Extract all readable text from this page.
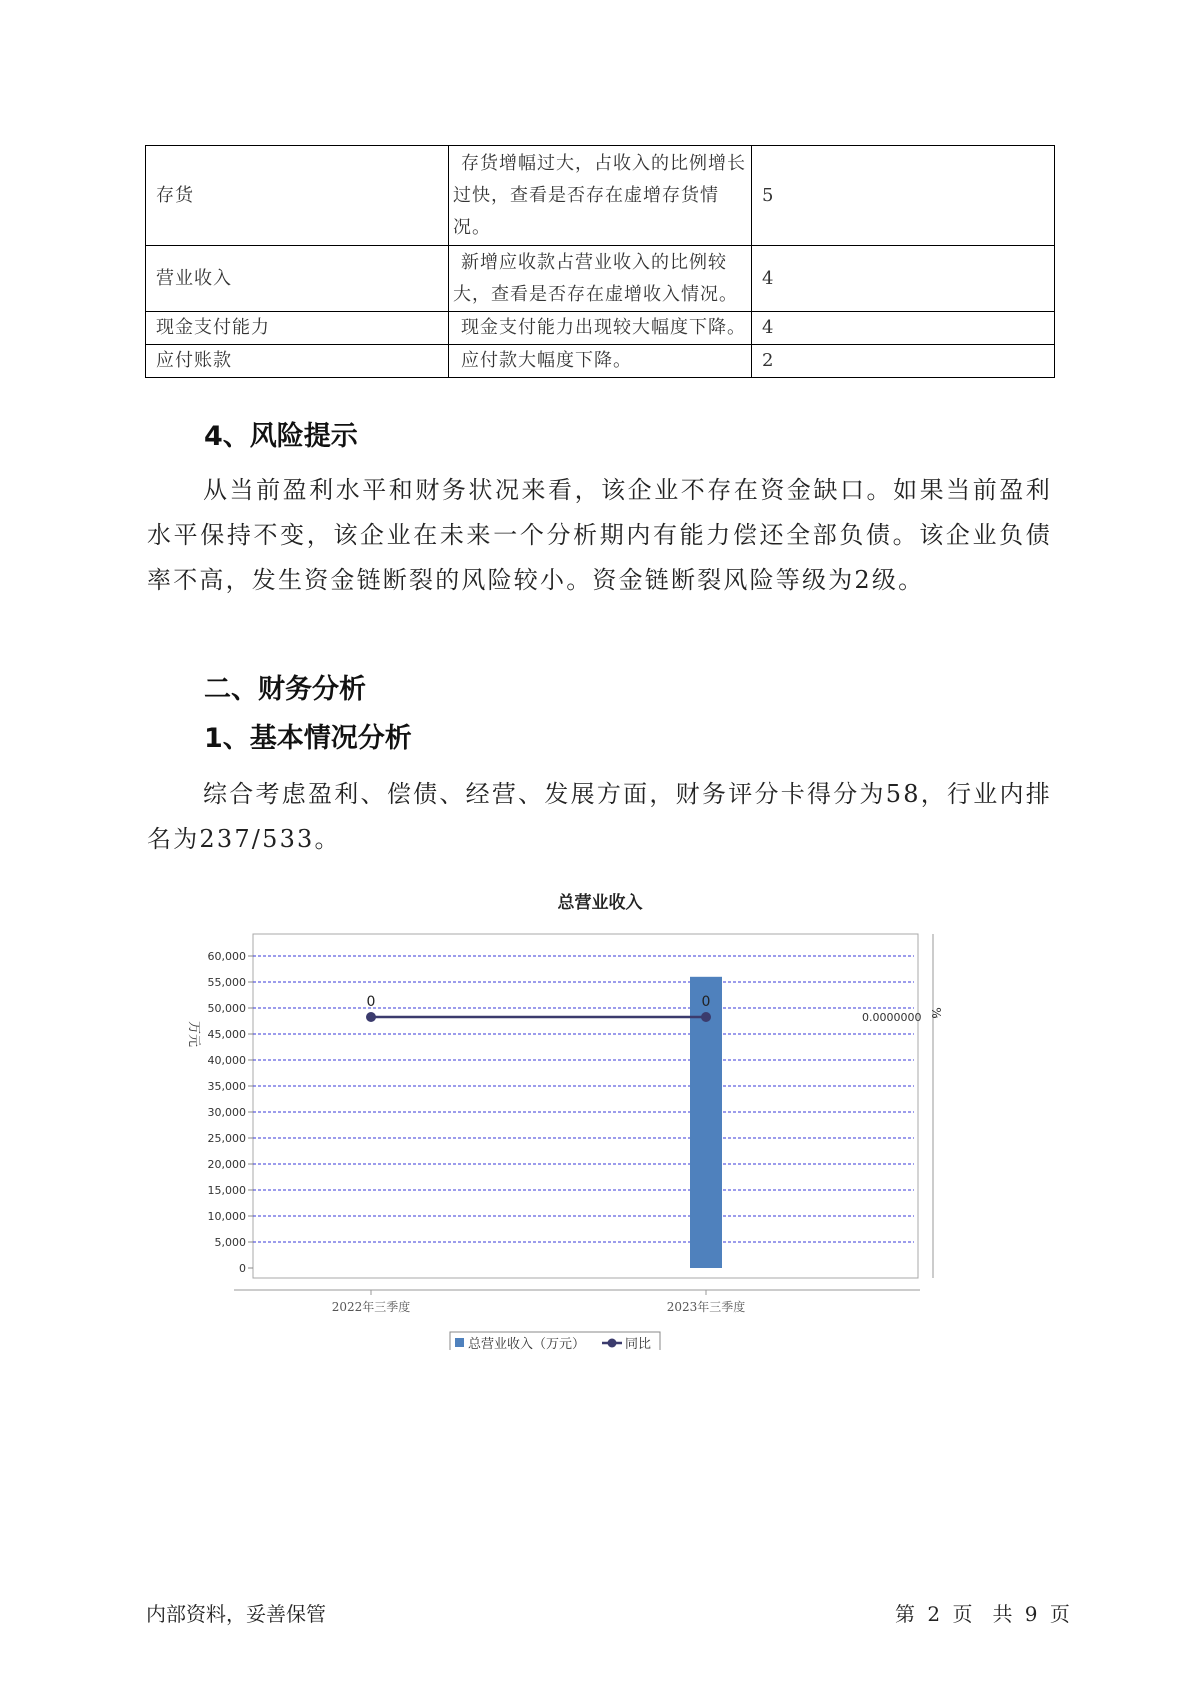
存货	存货增幅过大，占收入的比例增长过快，查看是否存在虚增存货情况。	5
营业收入	新增应收款占营业收入的比例较大，查看是否存在虚增收入情况。	4
现金支付能力	现金支付能力出现较大幅度下降。	4
应付账款	应付款大幅度下降。	2
4、风险提示

从当前盈利水平和财务状况来看，该企业不存在资金缺口。如果当前盈利水平保持不变，该企业在未来一个分析期内有能力偿还全部负债。该企业负债率不高，发生资金链断裂的风险较小。资金链断裂风险等级为2级。

二、财务分析
1、基本情况分析

综合考虑盈利、偿债、经营、发展方面，财务评分卡得分为58，行业内排名为237/533。

总营业收入
0
5,000
10,000
15,000
20,000
25,000
30,000
35,000
40,000
45,000
50,000
55,000
60,000
万元
2022年三季度	2023年三季度
0	0
0.0000000 %
总营业收入（万元）	同比
内部资料，妥善保管	第 2 页　共 9 页
